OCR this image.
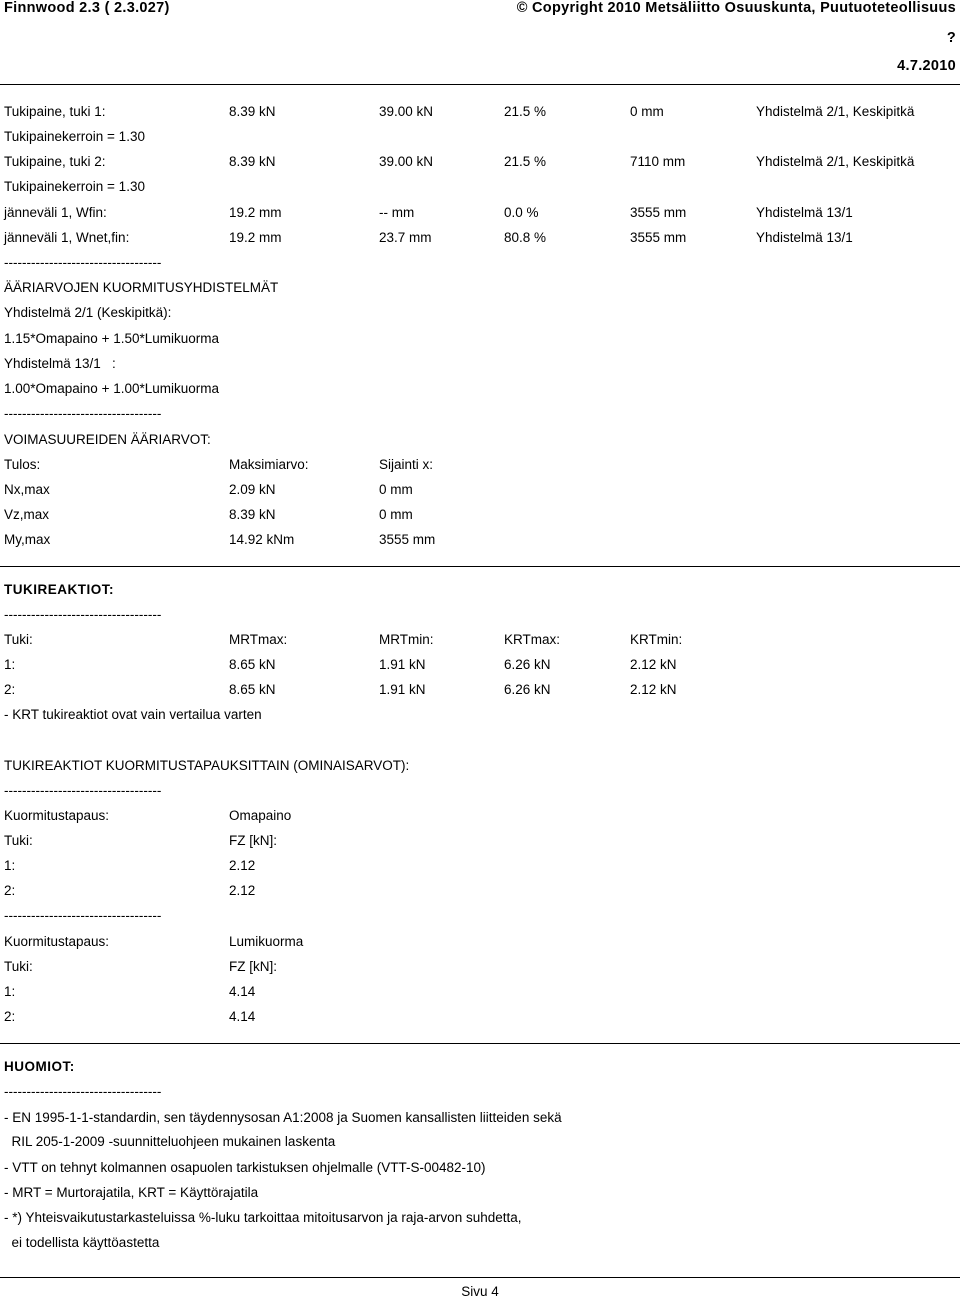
Finnwood 2.3 ( 2.3.027)	© Copyright 2010 Metsäliitto Osuuskunta, Puutuoteteollisuus
?
4.7.2010
Tukipaine, tuki 1:	8.39 kN	39.00 kN	21.5 %	0 mm	Yhdistelmä 2/1, Keskipitkä
Tukipainekerroin = 1.30
Tukipaine, tuki 2:	8.39 kN	39.00 kN	21.5 %	7110 mm	Yhdistelmä 2/1, Keskipitkä
Tukipainekerroin = 1.30
jänneväli 1, Wfin:	19.2 mm	-- mm	0.0 %	3555 mm	Yhdistelmä 13/1
jänneväli 1, Wnet,fin:	19.2 mm	23.7 mm	80.8 %	3555 mm	Yhdistelmä 13/1
-----------------------------------
ÄÄRIARVOJEN KUORMITUSYHDISTELMÄT
Yhdistelmä 2/1 (Keskipitkä):
1.15*Omapaino + 1.50*Lumikuorma
Yhdistelmä 13/1   :
1.00*Omapaino + 1.00*Lumikuorma
-----------------------------------
VOIMASUUREIDEN ÄÄRIARVOT:
Tulos:	Maksimiarvo:	Sijainti x:
Nx,max	2.09 kN	0 mm
Vz,max	8.39 kN	0 mm
My,max	14.92 kNm	3555 mm
TUKIREAKTIOT:
-----------------------------------
Tuki:	MRTmax:	MRTmin:	KRTmax:	KRTmin:
1:	8.65 kN	1.91 kN	6.26 kN	2.12 kN
2:	8.65 kN	1.91 kN	6.26 kN	2.12 kN
- KRT tukireaktiot ovat vain vertailua varten
TUKIREAKTIOT KUORMITUSTAPAUKSITTAIN (OMINAISARVOT):
-----------------------------------
Kuormitustapaus:	Omapaino
Tuki:	FZ [kN]:
1:	2.12
2:	2.12
-----------------------------------
Kuormitustapaus:	Lumikuorma
Tuki:	FZ [kN]:
1:	4.14
2:	4.14
HUOMIOT:
-----------------------------------
- EN 1995-1-1-standardin, sen täydennysosan A1:2008 ja Suomen kansallisten liitteiden sekä
RIL 205-1-2009 -suunnitteluohjeen mukainen laskenta
- VTT on tehnyt kolmannen osapuolen tarkistuksen ohjelmalle (VTT-S-00482-10)
- MRT = Murtorajatila, KRT = Käyttörajatila
- *) Yhteisvaikutustarkasteluissa %-luku tarkoittaa mitoitusarvon ja raja-arvon suhdetta,
ei todellista käyttöastetta
Sivu 4
